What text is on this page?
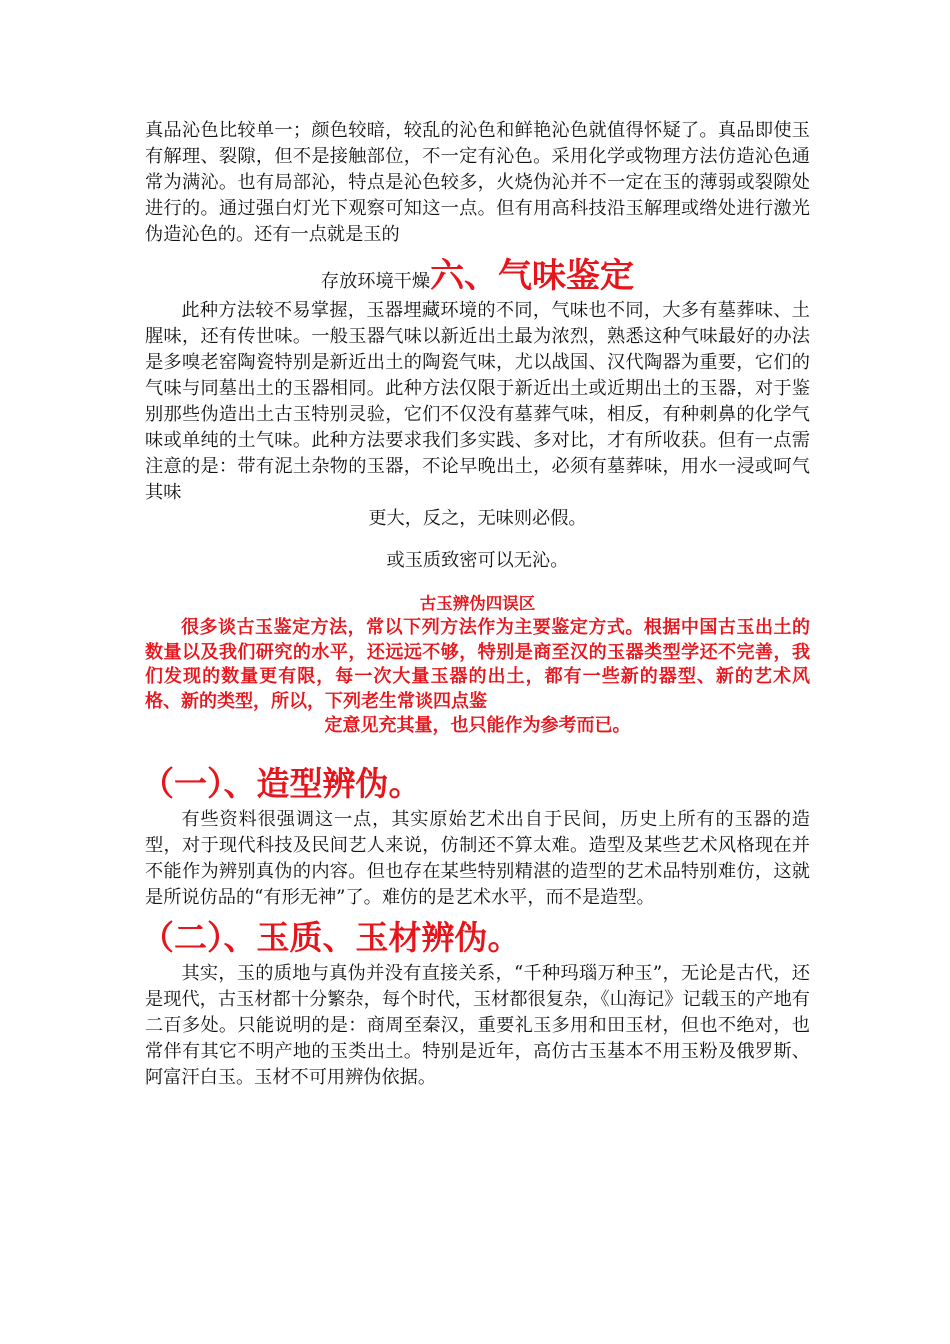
真品沁色比较单一；颜色较暗，较乱的沁色和鲜艳沁色就值得怀疑了。真品即使玉有解理、裂隙，但不是接触部位，不一定有沁色。采用化学或物理方法仿造沁色通常为满沁。也有局部沁，特点是沁色较多，火烧伪沁并不一定在玉的薄弱或裂隙处进行的。通过强白灯光下观察可知这一点。但有用高科技沿玉解理或绺处进行激光伪造沁色的。还有一点就是玉的

存放环境干燥六、气味鉴定

此种方法较不易掌握，玉器埋藏环境的不同，气味也不同，大多有墓葬味、土腥味，还有传世味。一般玉器气味以新近出土最为浓烈，熟悉这种气味最好的办法是多嗅老窑陶瓷特别是新近出土的陶瓷气味，尤以战国、汉代陶器为重要，它们的气味与同墓出土的玉器相同。此种方法仅限于新近出土或近期出土的玉器，对于鉴别那些伪造出土古玉特别灵验，它们不仅没有墓葬气味，相反，有种刺鼻的化学气味或单纯的土气味。此种方法要求我们多实践、多对比，才有所收获。但有一点需注意的是：带有泥土杂物的玉器，不论早晚出土，必须有墓葬味，用水一浸或呵气其味

更大，反之，无味则必假。

或玉质致密可以无沁。

古玉辨伪四误区

很多谈古玉鉴定方法，常以下列方法作为主要鉴定方式。根据中国古玉出土的数量以及我们研究的水平，还远远不够，特别是商至汉的玉器类型学还不完善，我们发现的数量更有限，每一次大量玉器的出土，都有一些新的器型、新的艺术风格、新的类型，所以，下列老生常谈四点鉴

定意见充其量，也只能作为参考而已。

（一）、造型辨伪。

有些资料很强调这一点，其实原始艺术出自于民间，历史上所有的玉器的造型，对于现代科技及民间艺人来说，仿制还不算太难。造型及某些艺术风格现在并不能作为辨别真伪的内容。但也存在某些特别精湛的造型的艺术品特别难仿，这就是所说仿品的“有形无神”了。难仿的是艺术水平，而不是造型。

（二）、玉质、玉材辨伪。

其实，玉的质地与真伪并没有直接关系，“千种玛瑙万种玉”，无论是古代，还是现代，古玉材都十分繁杂，每个时代，玉材都很复杂，《山海记》记载玉的产地有二百多处。只能说明的是：商周至秦汉，重要礼玉多用和田玉材，但也不绝对，也常伴有其它不明产地的玉类出土。特别是近年，高仿古玉基本不用玉粉及俄罗斯、阿富汗白玉。玉材不可用辨伪依据。
